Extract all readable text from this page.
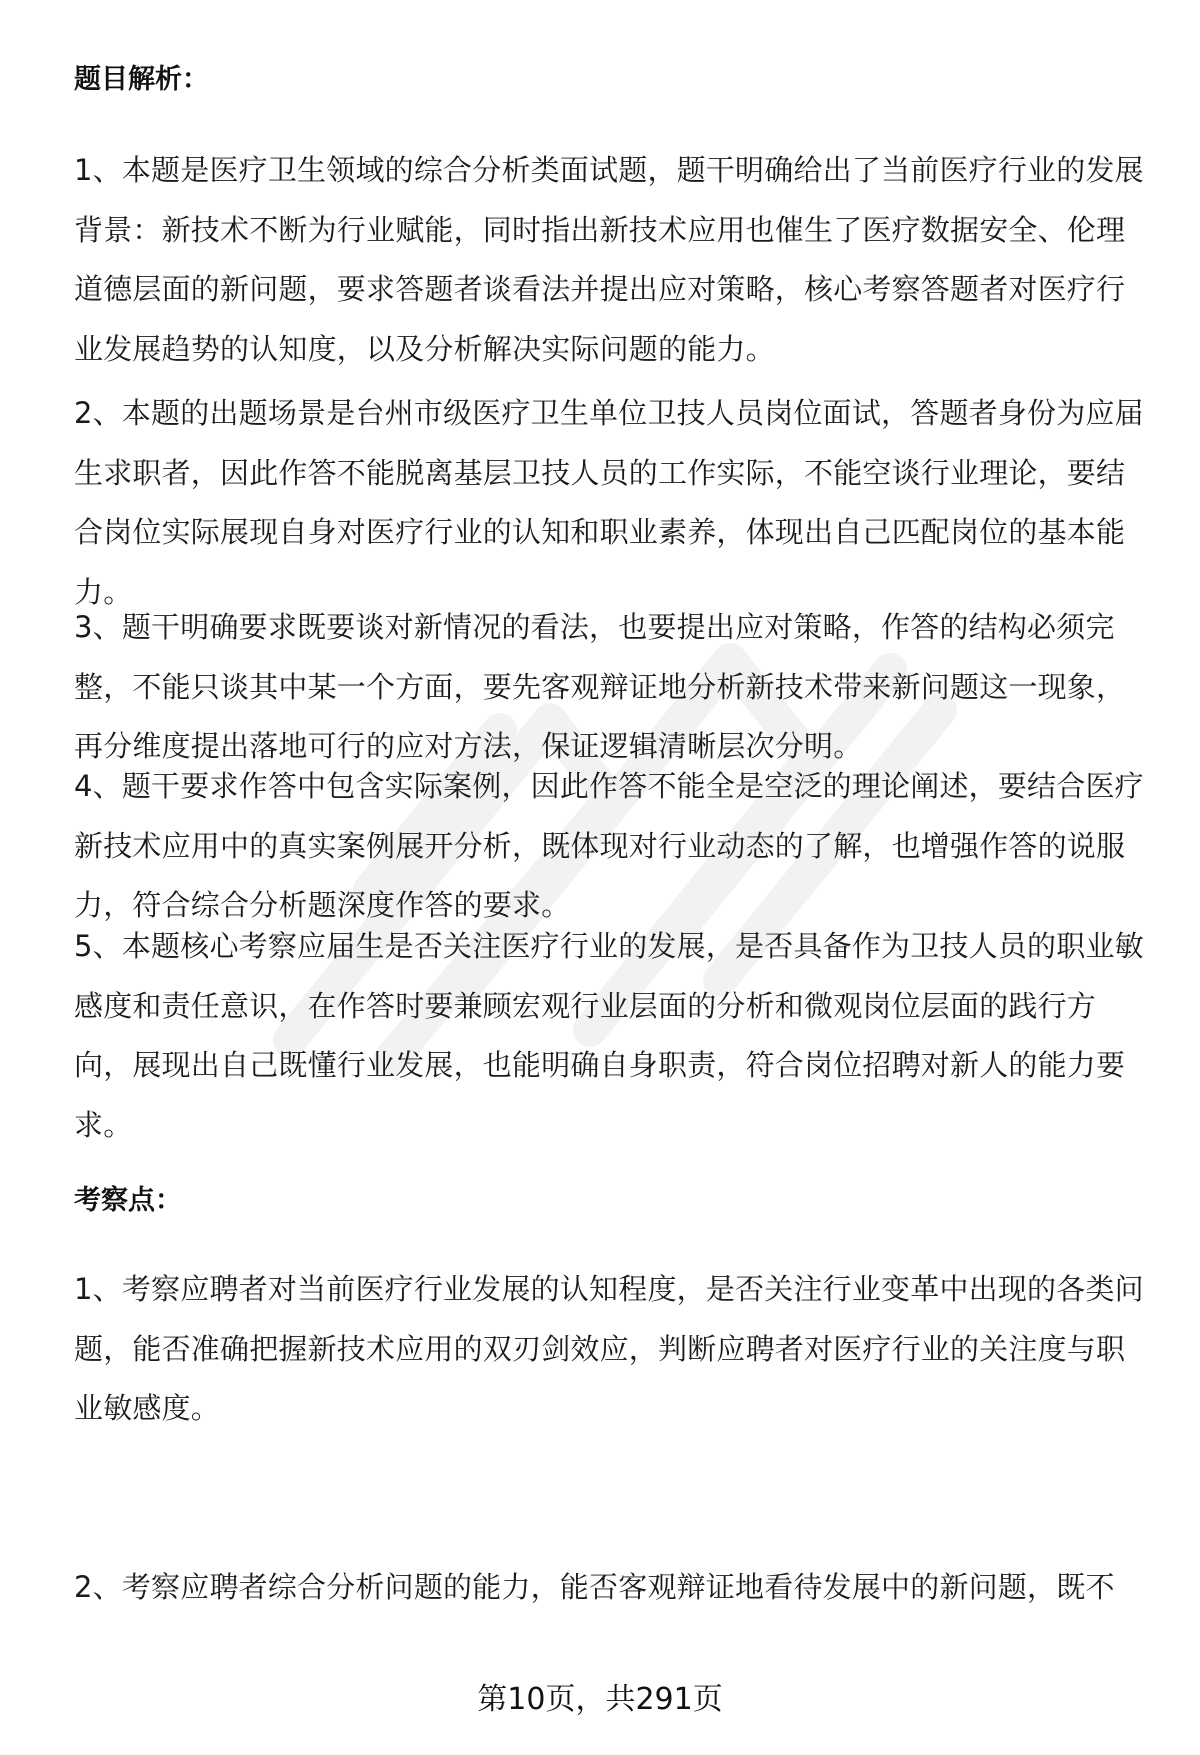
题目解析：

1、本题是医疗卫生领域的综合分析类面试题，题干明确给出了当前医疗行业的发展背景：新技术不断为行业赋能，同时指出新技术应用也催生了医疗数据安全、伦理道德层面的新问题，要求答题者谈看法并提出应对策略，核心考察答题者对医疗行业发展趋势的认知度，以及分析解决实际问题的能力。

2、本题的出题场景是台州市级医疗卫生单位卫技人员岗位面试，答题者身份为应届生求职者，因此作答不能脱离基层卫技人员的工作实际，不能空谈行业理论，要结合岗位实际展现自身对医疗行业的认知和职业素养，体现出自己匹配岗位的基本能力。

3、题干明确要求既要谈对新情况的看法，也要提出应对策略，作答的结构必须完整，不能只谈其中某一个方面，要先客观辩证地分析新技术带来新问题这一现象，再分维度提出落地可行的应对方法，保证逻辑清晰层次分明。

4、题干要求作答中包含实际案例，因此作答不能全是空泛的理论阐述，要结合医疗新技术应用中的真实案例展开分析，既体现对行业动态的了解，也增强作答的说服力，符合综合分析题深度作答的要求。

5、本题核心考察应届生是否关注医疗行业的发展，是否具备作为卫技人员的职业敏感度和责任意识，在作答时要兼顾宏观行业层面的分析和微观岗位层面的践行方向，展现出自己既懂行业发展，也能明确自身职责，符合岗位招聘对新人的能力要求。

考察点：

1、考察应聘者对当前医疗行业发展的认知程度，是否关注行业变革中出现的各类问题，能否准确把握新技术应用的双刃剑效应，判断应聘者对医疗行业的关注度与职业敏感度。

2、考察应聘者综合分析问题的能力，能否客观辩证地看待发展中的新问题，既不

第10页，共291页
